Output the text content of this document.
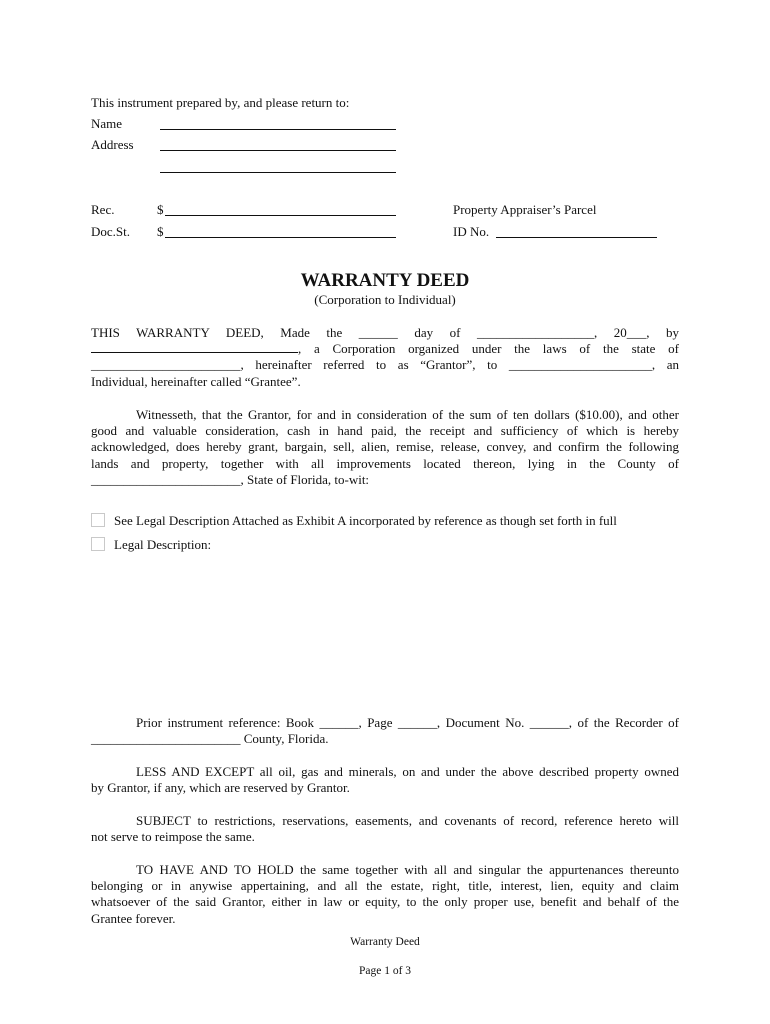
This instrument prepared by, and please return to:
Name
Address
Rec.	$
Doc.St. $
Property Appraiser’s Parcel
ID No.
WARRANTY DEED
(Corporation to Individual)
THIS WARRANTY DEED, Made the ______ day of __________________, 20___, by
, a Corporation organized under the laws of the state of
_______________________, hereinafter referred to as “Grantor”, to ______________________, an
Individual, hereinafter called “Grantee”.
Witnesseth, that the Grantor, for and in consideration of the sum of ten dollars ($10.00), and other
good and valuable consideration, cash in hand paid, the receipt and sufficiency of which is hereby
acknowledged, does hereby grant, bargain, sell, alien, remise, release, convey, and confirm the following
lands and property, together with all improvements located thereon, lying in the County of
_______________________, State of Florida, to-wit:
See Legal Description Attached as Exhibit A incorporated by reference as though set forth in full
Legal Description:
Prior instrument reference: Book ______, Page ______, Document No. ______, of the Recorder of
_______________________ County, Florida.
LESS AND EXCEPT all oil, gas and minerals, on and under the above described property owned
by Grantor, if any, which are reserved by Grantor.
SUBJECT to restrictions, reservations, easements, and covenants of record, reference hereto will
not serve to reimpose the same.
TO HAVE AND TO HOLD the same together with all and singular the appurtenances thereunto
belonging or in anywise appertaining, and all the estate, right, title, interest, lien, equity and claim
whatsoever of the said Grantor, either in law or equity, to the only proper use, benefit and behalf of the
Grantee forever.
Warranty Deed
Page 1 of 3
